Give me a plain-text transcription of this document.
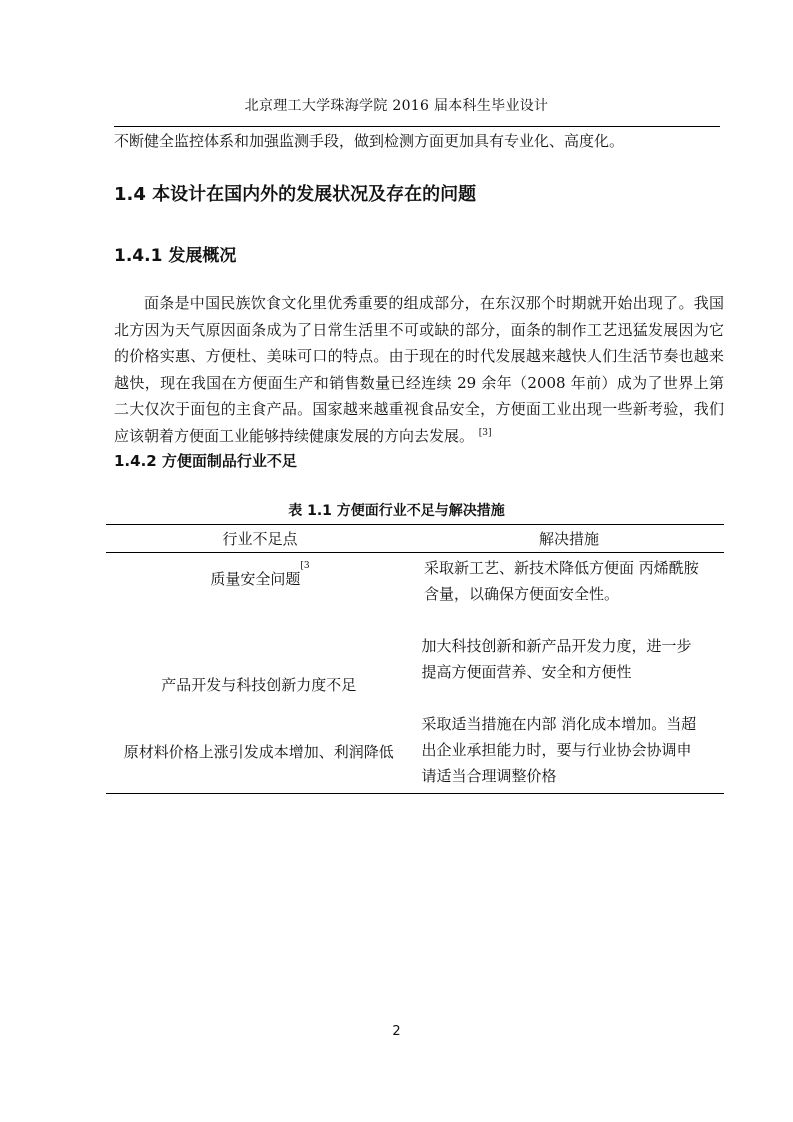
北京理工大学珠海学院 2016 届本科生毕业设计
不断健全监控体系和加强监测手段，做到检测方面更加具有专业化、高度化。
1.4 本设计在国内外的发展状况及存在的问题
1.4.1 发展概况
面条是中国民族饮食文化里优秀重要的组成部分，在东汉那个时期就开始出现了。我国北方因为天气原因面条成为了日常生活里不可或缺的部分，面条的制作工艺迅猛发展因为它的价格实惠、方便杜、美味可口的特点。由于现在的时代发展越来越快人们生活节奏也越来越快，现在我国在方便面生产和销售数量已经连续 29 余年（2008 年前）成为了世界上第二大仅次于面包的主食产品。国家越来越重视食品安全，方便面工业出现一些新考验，我们应该朝着方便面工业能够持续健康发展的方向去发展。 [3]
1.4.2 方便面制品行业不足
表 1.1 方便面行业不足与解决措施
行业不足点	解决措施
质量安全问题
[3	采取新工艺、新技术降低方便面 丙烯酰胺
含量，以确保方便面安全性。
产品开发与科技创新力度不足
加大科技创新和新产品开发力度，进一步
提高方便面营养、安全和方便性
原材料价格上涨引发成本增加、利润降低
采取适当措施在内部 消化成本增加。当超
出企业承担能力时，要与行业协会协调申
请适当合理调整价格
2
